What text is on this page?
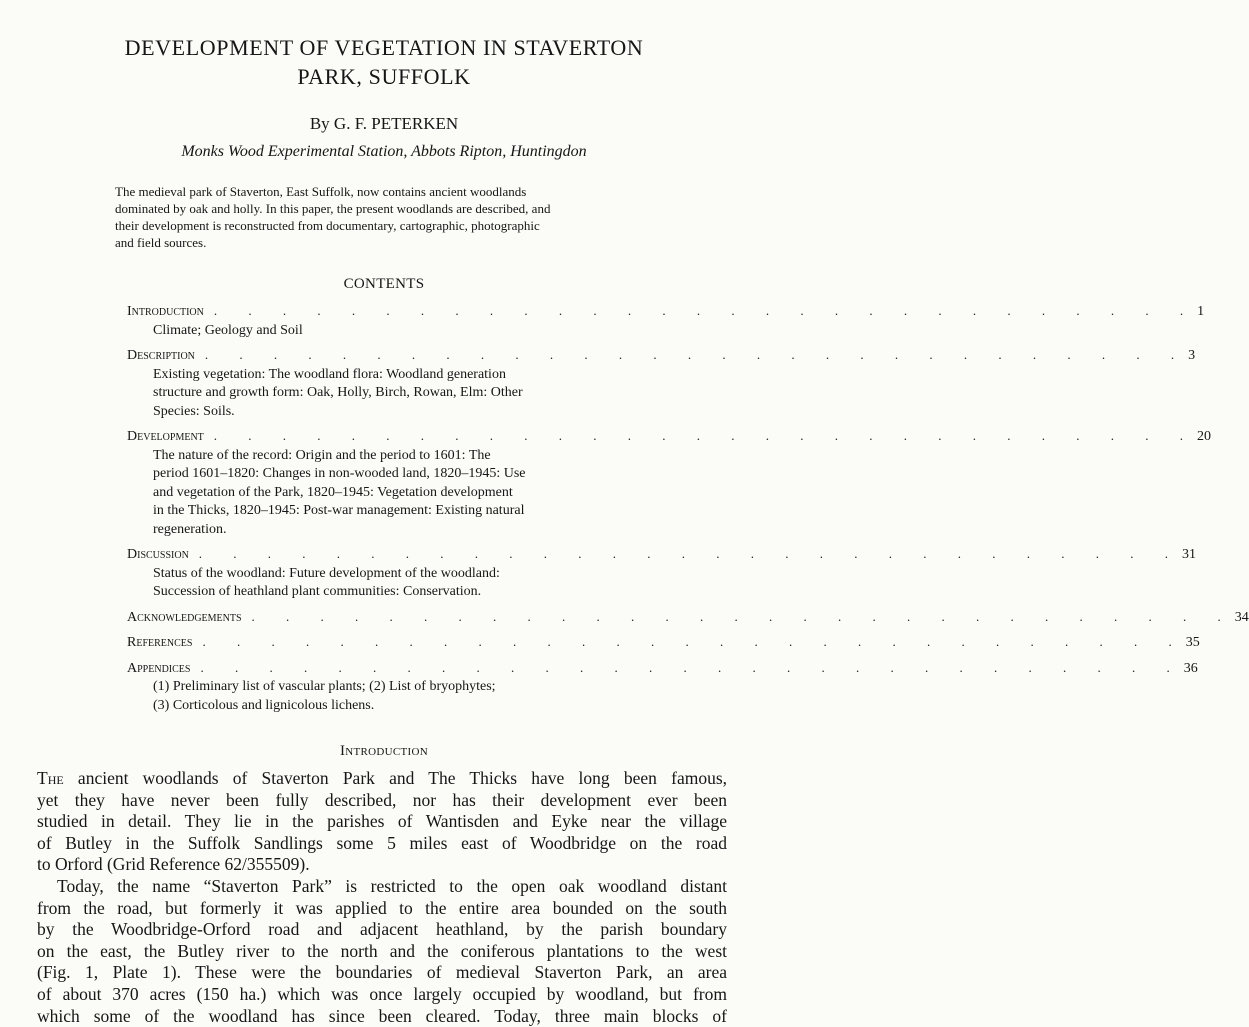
DEVELOPMENT OF VEGETATION IN STAVERTON
PARK, SUFFOLK
By G. F. PETERKEN
Monks Wood Experimental Station, Abbots Ripton, Huntingdon
The medieval park of Staverton, East Suffolk, now contains ancient woodlands
dominated by oak and holly. In this paper, the present woodlands are described, and
their development is reconstructed from documentary, cartographic, photographic
and field sources.
CONTENTS
Introduction . . . . . . . . . . . . . . . . . . . . . . . . . . . . . 1
Climate; Geology and Soil
Description . . . . . . . . . . . . . . . . . . . . . . . . . . . . . 3
Existing vegetation: The woodland flora: Woodland generation
structure and growth form: Oak, Holly, Birch, Rowan, Elm: Other
Species: Soils.
Development . . . . . . . . . . . . . . . . . . . . . . . . . . . . . 20
The nature of the record: Origin and the period to 1601: The
period 1601–1820: Changes in non-wooded land, 1820–1945: Use
and vegetation of the Park, 1820–1945: Vegetation development
in the Thicks, 1820–1945: Post-war management: Existing natural
regeneration.
Discussion . . . . . . . . . . . . . . . . . . . . . . . . . . . . . 31
Status of the woodland: Future development of the woodland:
Succession of heathland plant communities: Conservation.
Acknowledgements . . . . . . . . . . . . . . . . . . . . . . . . . . . . . 34
References . . . . . . . . . . . . . . . . . . . . . . . . . . . . . 35
Appendices . . . . . . . . . . . . . . . . . . . . . . . . . . . . . 36
(1) Preliminary list of vascular plants; (2) List of bryophytes;
(3) Corticolous and lignicolous lichens.
Introduction
The ancient woodlands of Staverton Park and The Thicks have long been famous,
yet they have never been fully described, nor has their development ever been
studied in detail. They lie in the parishes of Wantisden and Eyke near the village
of Butley in the Suffolk Sandlings some 5 miles east of Woodbridge on the road
to Orford (Grid Reference 62/355509).
Today, the name “Staverton Park” is restricted to the open oak woodland distant
from the road, but formerly it was applied to the entire area bounded on the south
by the Woodbridge-Orford road and adjacent heathland, by the parish boundary
on the east, the Butley river to the north and the coniferous plantations to the west
(Fig. 1, Plate 1). These were the boundaries of medieval Staverton Park, an area
of about 370 acres (150 ha.) which was once largely occupied by woodland, but from
which some of the woodland has since been cleared. Today, three main blocks of
